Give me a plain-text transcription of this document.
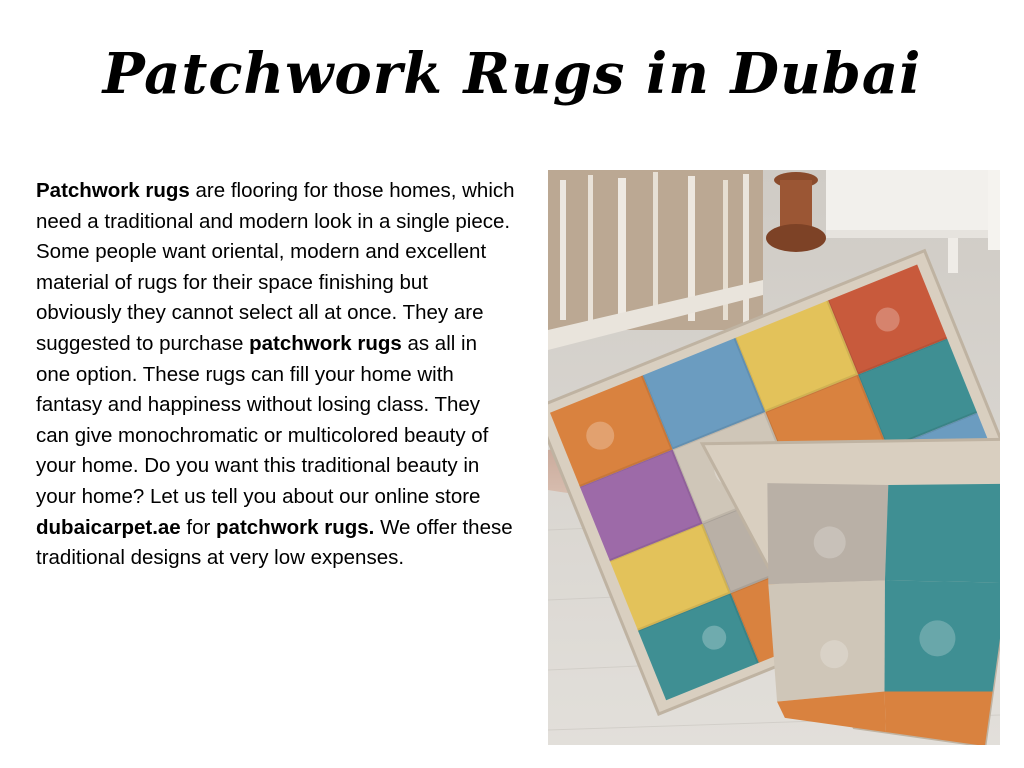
Patchwork Rugs in Dubai

Patchwork rugs are flooring for those homes, which need a traditional and modern look in a single piece. Some people want oriental, modern and excellent material of rugs for their space finishing but obviously they cannot select all at once. They are suggested to purchase patchwork rugs as all in one option. These rugs can fill your home with fantasy and happiness without losing class. They can give monochromatic or multicolored beauty of your home. Do you want this traditional beauty in your home? Let us tell you about our online store dubaicarpet.ae for patchwork rugs. We offer these traditional designs at very low expenses.
